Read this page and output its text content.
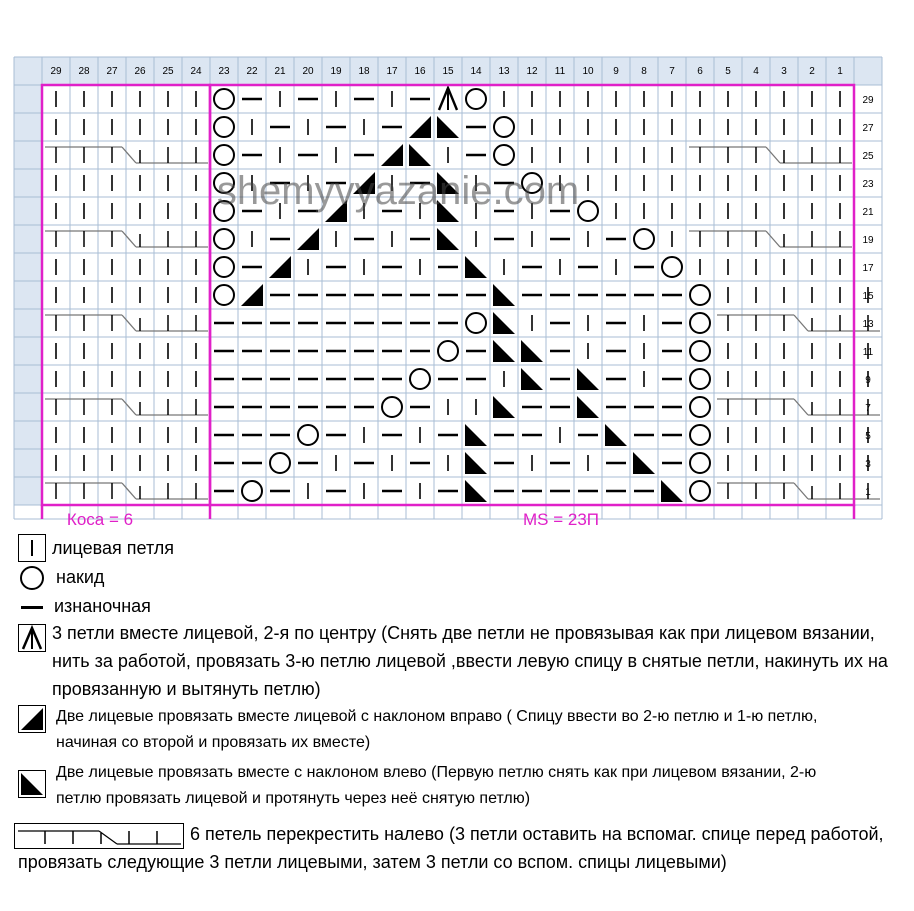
29 28 27 26 25 24 23 22 21 20 19 18 17 16 15 14 13 12 11 10 9 8 7 6 5 4 3 2 1
29
27
25
23
21
19
17
15
13
11
9
7
5
3
1
shemyvyazanie.com
Коса = 6	MS = 23П
лицевая петля
накид
изнаночная
3 петли вместе лицевой, 2-я по центру (Снять две петли не провязывая как при лицевом вязании, нить за работой, провязать 3-ю петлю лицевой ,ввести левую спицу в снятые петли, накинуть их на провязанную и вытянуть петлю)
Две лицевые провязать вместе лицевой с наклоном вправо ( Спицу ввести во 2-ю петлю и 1-ю петлю, начиная со второй и провязать их вместе)
Две лицевые провязать вместе с наклоном влево (Первую петлю снять как при лицевом вязании, 2-ю петлю провязать лицевой и протянуть через неё снятую петлю)
6 петель перекрестить налево (3 петли оставить на вспомаг. спице перед работой, провязать следующие 3 петли лицевыми, затем 3 петли со вспом. спицы лицевыми)
